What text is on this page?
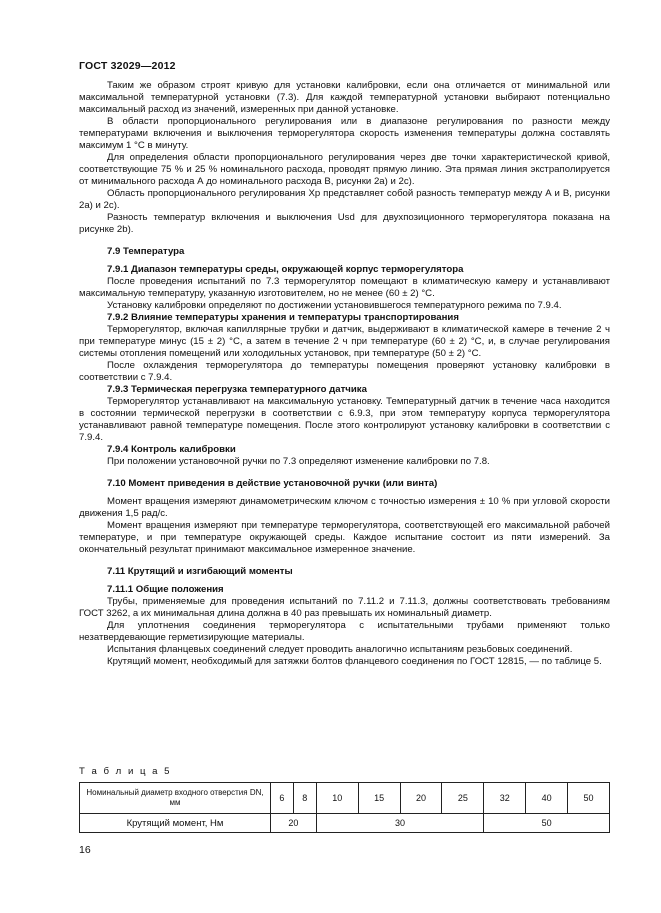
ГОСТ 32029—2012

Таким же образом строят кривую для установки калибровки, если она отличается от минимальной или максимальной температурной установки (7.3). Для каждой температурной установки выбирают потенциально максимальный расход из значений, измеренных при данной установке.

В области пропорционального регулирования или в диапазоне регулирования по разности между температурами включения и выключения терморегулятора скорость изменения температуры должна составлять максимум 1 °С в минуту.

Для определения области пропорционального регулирования через две точки характеристической кривой, соответствующие 75 % и 25 % номинального расхода, проводят прямую линию. Эта прямая линия экстраполируется от минимального расхода А до номинального расхода В, рисунки 2а) и 2с).

Область пропорционального регулирования Xp представляет собой разность температур между А и В, рисунки 2а) и 2с).

Разность температур включения и выключения Usd для двухпозиционного терморегулятора показана на рисунке 2b).

7.9 Температура

7.9.1 Диапазон температуры среды, окружающей корпус терморегулятора

После проведения испытаний по 7.3 терморегулятор помещают в климатическую камеру и устанавливают максимальную температуру, указанную изготовителем, но не менее (60 ± 2) °С.

Установку калибровки определяют по достижении установившегося температурного режима по 7.9.4.

7.9.2 Влияние температуры хранения и температуры транспортирования

Терморегулятор, включая капиллярные трубки и датчик, выдерживают в климатической камере в течение 2 ч при температуре минус (15 ± 2) °С, а затем в течение 2 ч при температуре (60 ± 2) °С, и, в случае регулирования системы отопления помещений или холодильных установок, при температуре (50 ± 2) °С.

После охлаждения терморегулятора до температуры помещения проверяют установку калибровки в соответствии с 7.9.4.

7.9.3 Термическая перегрузка температурного датчика

Терморегулятор устанавливают на максимальную установку. Температурный датчик в течение часа находится в состоянии термической перегрузки в соответствии с 6.9.3, при этом температуру корпуса терморегулятора устанавливают равной температуре помещения. После этого контролируют установку калибровки в соответствии с 7.9.4.

7.9.4 Контроль калибровки

При положении установочной ручки по 7.3 определяют изменение калибровки по 7.8.

7.10 Момент приведения в действие установочной ручки (или винта)

Момент вращения измеряют динамометрическим ключом с точностью измерения ± 10 % при угловой скорости движения 1,5 рад/с.

Момент вращения измеряют при температуре терморегулятора, соответствующей его максимальной рабочей температуре, и при температуре окружающей среды. Каждое испытание состоит из пяти измерений. За окончательный результат принимают максимальное измеренное значение.

7.11 Крутящий и изгибающий моменты

7.11.1 Общие положения

Трубы, применяемые для проведения испытаний по 7.11.2 и 7.11.3, должны соответствовать требованиям ГОСТ 3262, а их минимальная длина должна в 40 раз превышать их номинальный диаметр.

Для уплотнения соединения терморегулятора с испытательными трубами применяют только незатвердевающие герметизирующие материалы.

Испытания фланцевых соединений следует проводить аналогично испытаниям резьбовых соединений.

Крутящий момент, необходимый для затяжки болтов фланцевого соединения по ГОСТ 12815, — по таблице 5.

Т а б л и ц а 5
Номинальный диаметр входного отверстия DN, мм	6	8	10	15	20	25	32	40	50
Крутящий момент, Нм	20		30				50		
16
